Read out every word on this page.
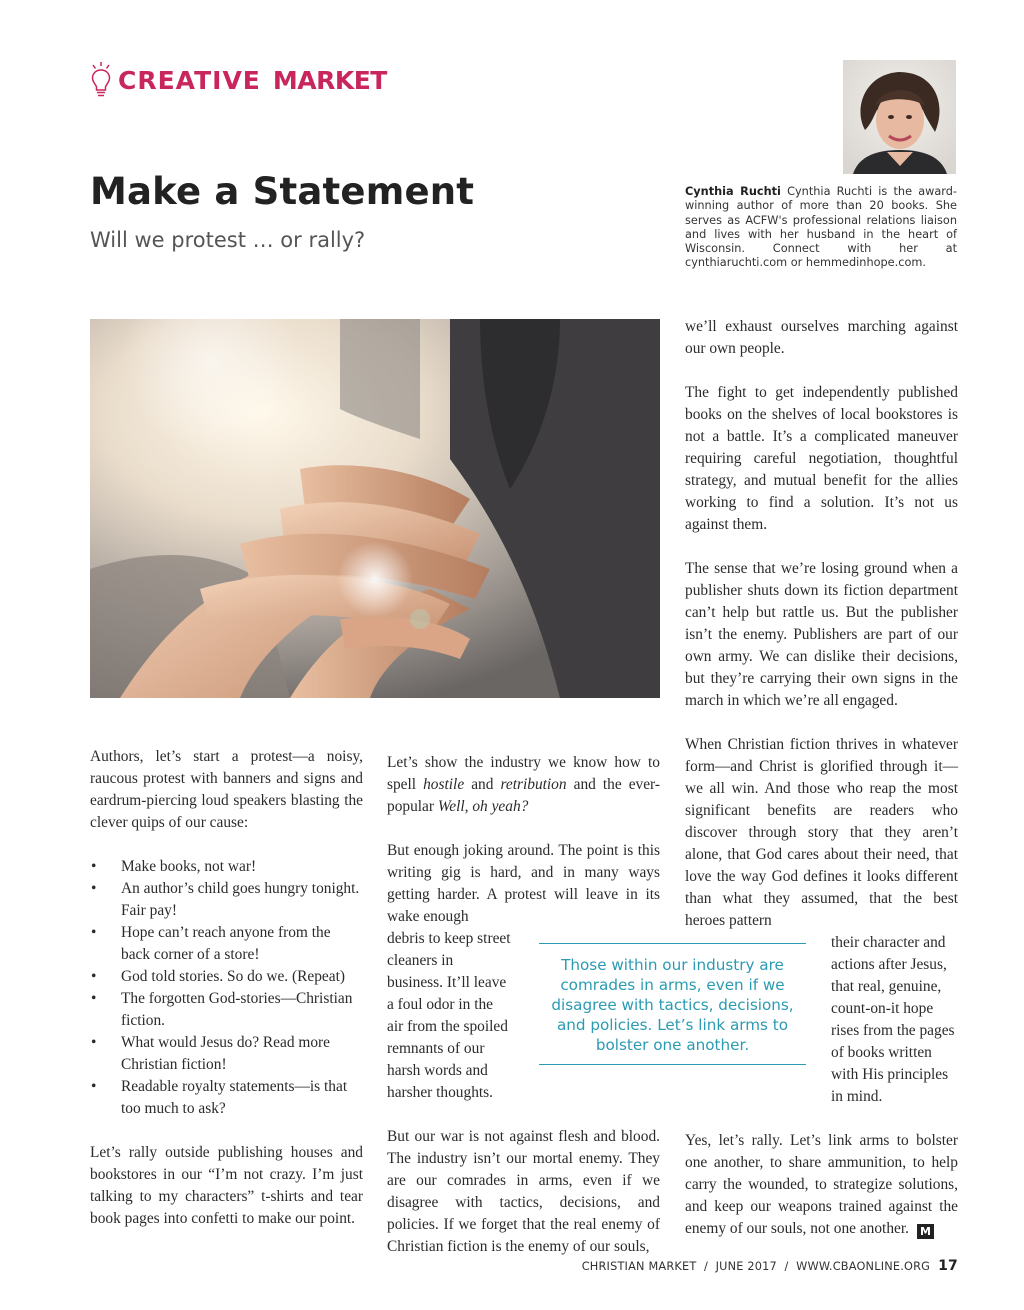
CREATIVE MARKET
Make a Statement
Will we protest … or rally?

Cynthia Ruchti Cynthia Ruchti is the award-winning author of more than 20 books. She serves as ACFW's professional relations liaison and lives with her husband in the heart of Wisconsin. Connect with her at cynthiaruchti.com or hemmedinhope.com.

Authors, let’s start a protest—a noisy, raucous protest with banners and signs and eardrum-piercing loud speakers blasting the clever quips of our cause:

• Make books, not war!
• An author’s child goes hungry tonight. Fair pay!
• Hope can’t reach anyone from the back corner of a store!
• God told stories. So do we. (Repeat)
• The forgotten God-stories—Christian fiction.
• What would Jesus do? Read more Christian fiction!
• Readable royalty statements—is that too much to ask?

Let’s rally outside publishing houses and bookstores in our “I’m not crazy. I’m just talking to my characters” t-shirts and tear book pages into confetti to make our point.

Let’s show the industry we know how to spell hostile and retribution and the ever-popular Well, oh yeah?

But enough joking around. The point is this writing gig is hard, and in many ways getting harder. A protest will leave in its wake enough

debris to keep street cleaners in business. It’ll leave a foul odor in the air from the spoiled remnants of our harsh words and harsher thoughts.

But our war is not against flesh and blood. The industry isn’t our mortal enemy. They are our comrades in arms, even if we disagree with tactics, decisions, and policies. If we forget that the real enemy of Christian fiction is the enemy of our souls,

Those within our industry are comrades in arms, even if we disagree with tactics, decisions, and policies. Let’s link arms to bolster one another.

we’ll exhaust ourselves marching against our own people.

The fight to get independently published books on the shelves of local bookstores is not a battle. It’s a complicated maneuver requiring careful negotiation, thoughtful strategy, and mutual benefit for the allies working to find a solution. It’s not us against them.

The sense that we’re losing ground when a publisher shuts down its fiction department can’t help but rattle us. But the publisher isn’t the enemy. Publishers are part of our own army. We can dislike their decisions, but they’re carrying their own signs in the march in which we’re all engaged.

When Christian fiction thrives in whatever form—and Christ is glorified through it—we all win. And those who reap the most significant benefits are readers who discover through story that they aren’t alone, that God cares about their need, that love the way God defines it looks different than what they assumed, that the best heroes pattern

their character and actions after Jesus, that real, genuine, count-on-it hope rises from the pages of books written with His principles in mind.

Yes, let’s rally. Let’s link arms to bolster one another, to share ammunition, to help carry the wounded, to strategize solutions, and keep our weapons trained against the enemy of our souls, not one another. M

CHRISTIAN MARKET  /  JUNE 2017  /  WWW.CBAONLINE.ORG 17
